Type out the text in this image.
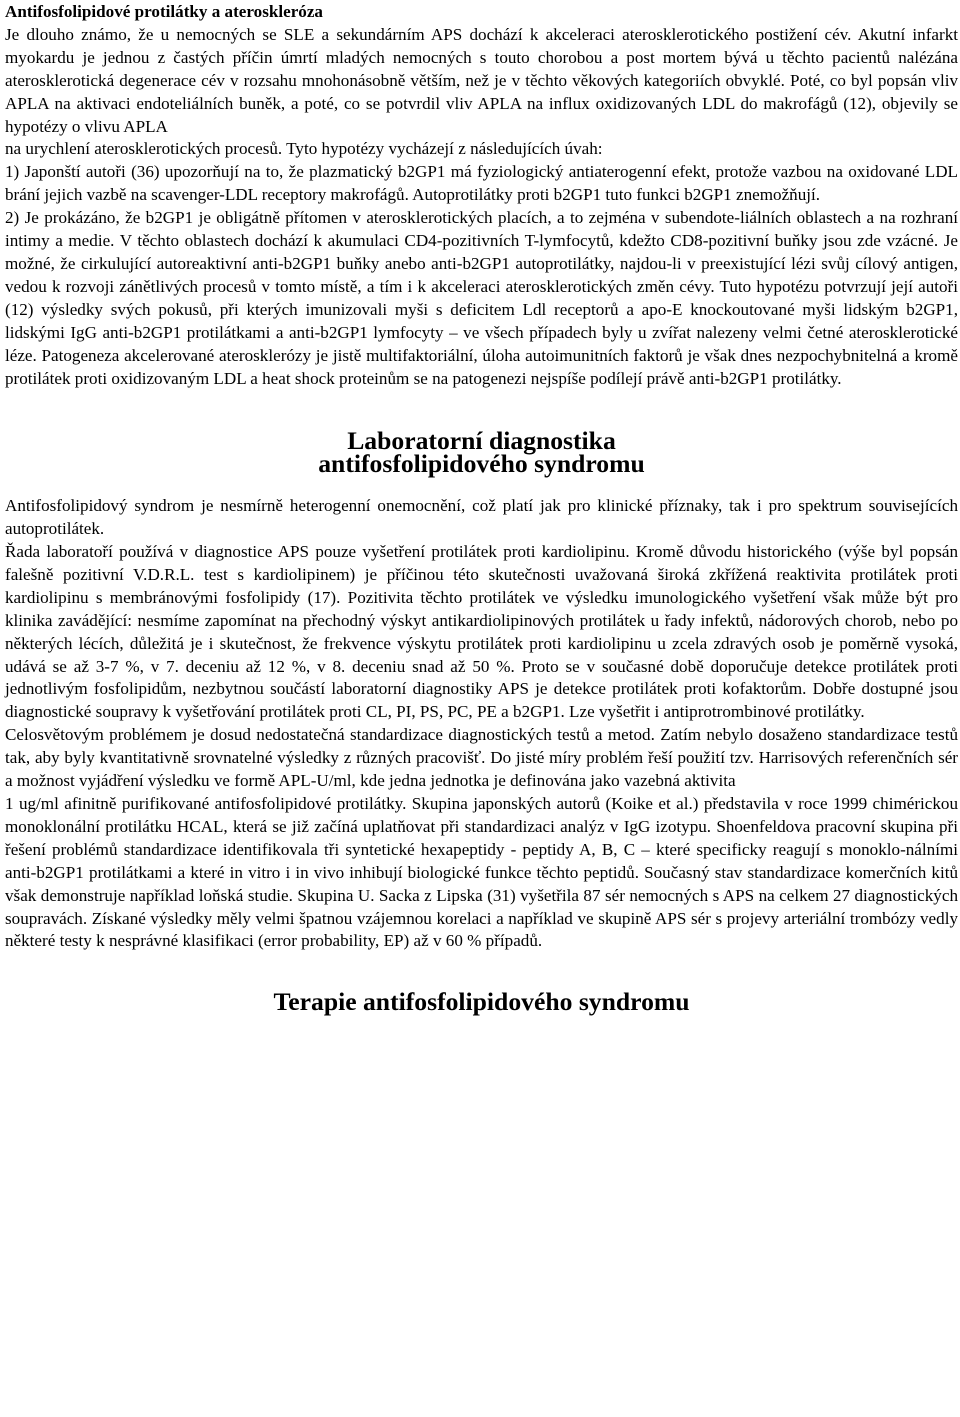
Antifosfolipidové protilátky a ateroskleróza

Je dlouho známo, že u nemocných se SLE a sekundárním APS dochází k akceleraci aterosklerotického postižení cév. Akutní infarkt myokardu je jednou z častých příčin úmrtí mladých nemocných s touto chorobou a post mortem bývá u těchto pacientů nalézána aterosklerotická degenerace cév v rozsahu mnohonásobně větším, než je v těchto věkových kategoriích obvyklé. Poté, co byl popsán vliv APLA na aktivaci endoteliálních buněk, a poté, co se potvrdil vliv APLA na influx oxidizovaných LDL do makrofágů (12), objevily se hypotézy o vlivu APLA

na urychlení aterosklerotických procesů. Tyto hypotézy vycházejí z následujících úvah:

1) Japonští autoři (36) upozorňují na to, že plazmatický b2GP1 má fyziologický antiaterogenní efekt, protože vazbou na oxidované LDL brání jejich vazbě na scavenger-LDL receptory makrofágů. Autoprotilátky proti b2GP1 tuto funkci b2GP1 znemožňují.

2) Je prokázáno, že b2GP1 je obligátně přítomen v aterosklerotických placích, a to zejména v subendote-liálních oblastech a na rozhraní intimy a medie. V těchto oblastech dochází k akumulaci CD4-pozitivních T-lymfocytů, kdežto CD8-pozitivní buňky jsou zde vzácné. Je možné, že cirkulující autoreaktivní anti-b2GP1 buňky anebo anti-b2GP1 autoprotilátky, najdou-li v preexistující lézi svůj cílový antigen, vedou k rozvoji zánětlivých procesů v tomto místě, a tím i k akceleraci aterosklerotických změn cévy. Tuto hypotézu potvrzují její autoři (12) výsledky svých pokusů, při kterých imunizovali myši s deficitem Ldl receptorů a apo-E knockoutované myši lidským b2GP1, lidskými IgG anti-b2GP1 protilátkami a anti-b2GP1 lymfocyty – ve všech případech byly u zvířat nalezeny velmi četné aterosklerotické léze. Patogeneza akcelerované aterosklerózy je jistě multifaktoriální, úloha autoimunitních faktorů je však dnes nezpochybnitelná a kromě protilátek proti oxidizovaným LDL a heat shock proteinům se na patogenezi nejspíše podílejí právě anti-b2GP1 protilátky.

Laboratorní diagnostika
antifosfolipidového syndromu

Antifosfolipidový syndrom je nesmírně heterogenní onemocnění, což platí jak pro klinické příznaky, tak i pro spektrum souvisejících autoprotilátek.

Řada laboratoří používá v diagnostice APS pouze vyšetření protilátek proti kardiolipinu. Kromě důvodu historického (výše byl popsán falešně pozitivní V.D.R.L. test s kardiolipinem) je příčinou této skutečnosti uvažovaná široká zkřížená reaktivita protilátek proti kardiolipinu s membránovými fosfolipidy (17). Pozitivita těchto protilátek ve výsledku imunologického vyšetření však může být pro klinika zavádějící: nesmíme zapomínat na přechodný výskyt antikardiolipinových protilátek u řady infektů, nádorových chorob, nebo po některých lécích, důležitá je i skutečnost, že frekvence výskytu protilátek proti kardiolipinu u zcela zdravých osob je poměrně vysoká, udává se až 3-7 %, v 7. deceniu až 12 %, v 8. deceniu snad až 50 %. Proto se v současné době doporučuje detekce protilátek proti jednotlivým fosfolipidům, nezbytnou součástí laboratorní diagnostiky APS je detekce protilátek proti kofaktorům. Dobře dostupné jsou diagnostické soupravy k vyšetřování protilátek proti CL, PI, PS, PC, PE a b2GP1. Lze vyšetřit i antiprotrombinové protilátky.

Celosvětovým problémem je dosud nedostatečná standardizace diagnostických testů a metod. Zatím nebylo dosaženo standardizace testů tak, aby byly kvantitativně srovnatelné výsledky z různých pracovišť. Do jisté míry problém řeší použití tzv. Harrisových referenčních sér a možnost vyjádření výsledku ve formě APL-U/ml, kde jedna jednotka je definována jako vazebná aktivita

1 ug/ml afinitně purifikované antifosfolipidové protilátky. Skupina japonských autorů (Koike et al.) představila v roce 1999 chimérickou monoklonální protilátku HCAL, která se již začíná uplatňovat při standardizaci analýz v IgG izotypu. Shoenfeldova pracovní skupina při řešení problémů standardizace identifikovala tři syntetické hexapeptidy - peptidy A, B, C – které specificky reagují s monoklo-nálními anti-b2GP1 protilátkami a které in vitro i in vivo inhibují biologické funkce těchto peptidů. Současný stav standardizace komerčních kitů však demonstruje například loňská studie. Skupina U. Sacka z Lipska (31) vyšetřila 87 sér nemocných s APS na celkem 27 diagnostických soupravách. Získané výsledky měly velmi špatnou vzájemnou korelaci a například ve skupině APS sér s projevy arteriální trombózy vedly některé testy k nesprávné klasifikaci (error probability, EP) až v 60 % případů.

Terapie antifosfolipidového syndromu
